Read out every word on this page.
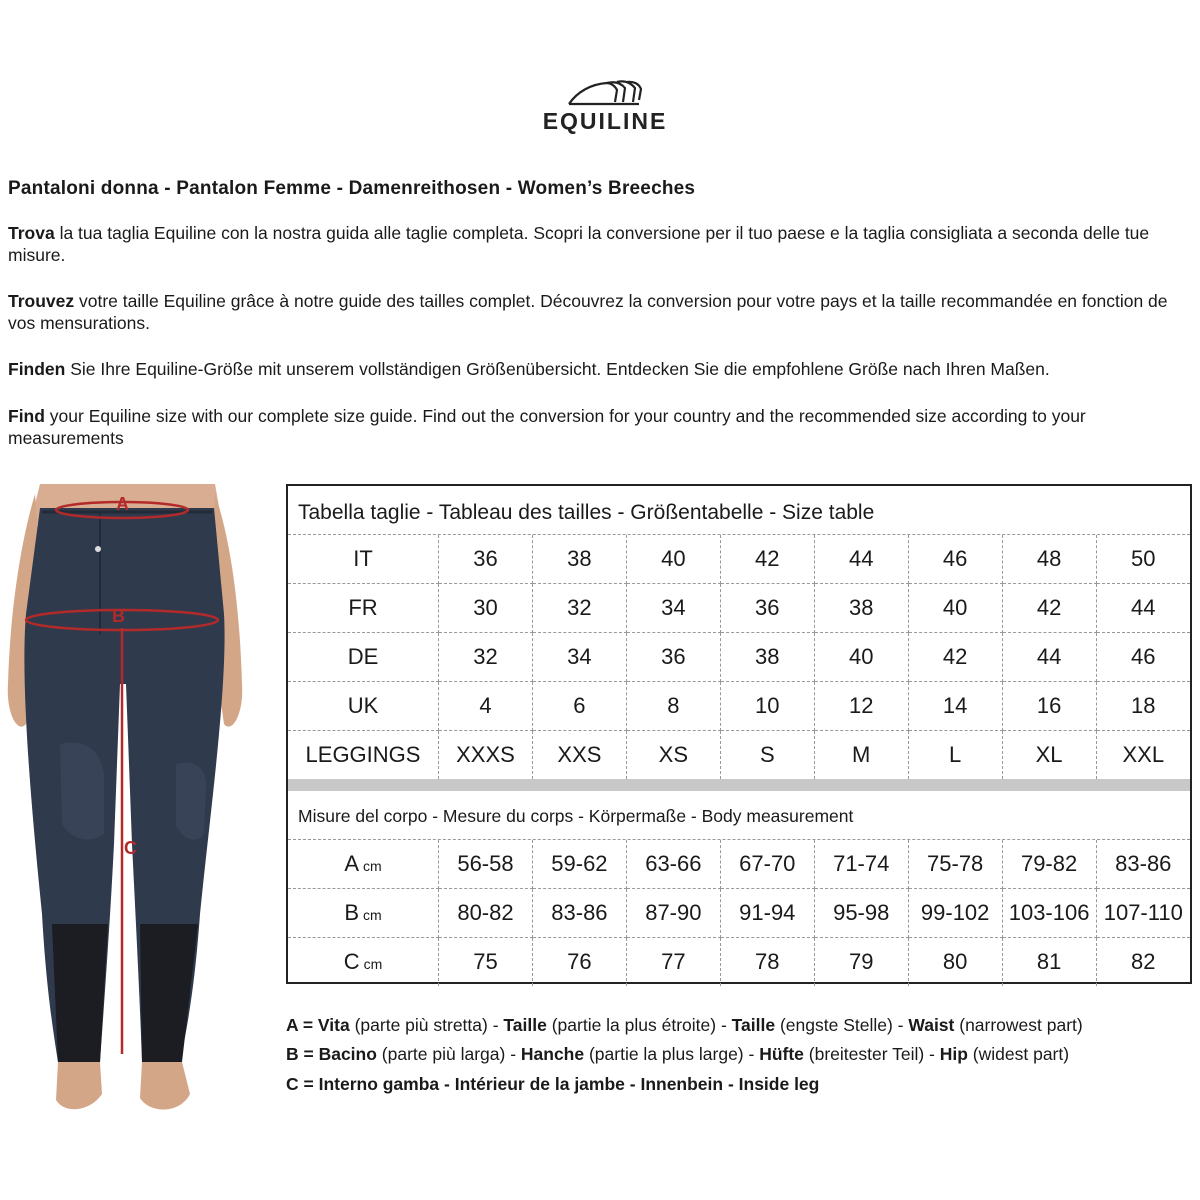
EQUILINE
Pantaloni donna - Pantalon Femme - Damenreithosen - Women’s Breeches
Trova la tua taglia Equiline con la nostra guida alle taglie completa. Scopri la conversione per il tuo paese e la taglia consigliata a seconda delle tue misure.
Trouvez votre taille Equiline grâce à notre guide des tailles complet. Découvrez la conversion pour votre pays et la taille recommandée en fonction de vos mensurations.
Finden Sie Ihre Equiline-Größe mit unserem vollständigen Größenübersicht. Entdecken Sie die empfohlene Größe nach Ihren Maßen.
Find your Equiline size with our complete size guide. Find out the conversion for your country and the recommended size according to your measurements
A
B
C
Tabella taglie - Tableau des tailles - Größentabelle - Size table
IT	36	38	40	42	44	46	48	50
FR	30	32	34	36	38	40	42	44
DE	32	34	36	38	40	42	44	46
UK	4	6	8	10	12	14	16	18
LEGGINGS	XXXS	XXS	XS	S	M	L	XL	XXL
Misure del corpo - Mesure du corps - Körpermaße - Body measurement
A cm	56-58	59-62	63-66	67-70	71-74	75-78	79-82	83-86
B cm	80-82	83-86	87-90	91-94	95-98	99-102	103-106	107-110
C cm	75	76	77	78	79	80	81	82
A = Vita (parte più stretta) - Taille (partie la plus étroite) - Taille (engste Stelle) - Waist (narrowest part)
B = Bacino (parte più larga) - Hanche (partie la plus large) - Hüfte (breitester Teil) - Hip (widest part)
C = Interno gamba - Intérieur de la jambe - Innenbein - Inside leg
